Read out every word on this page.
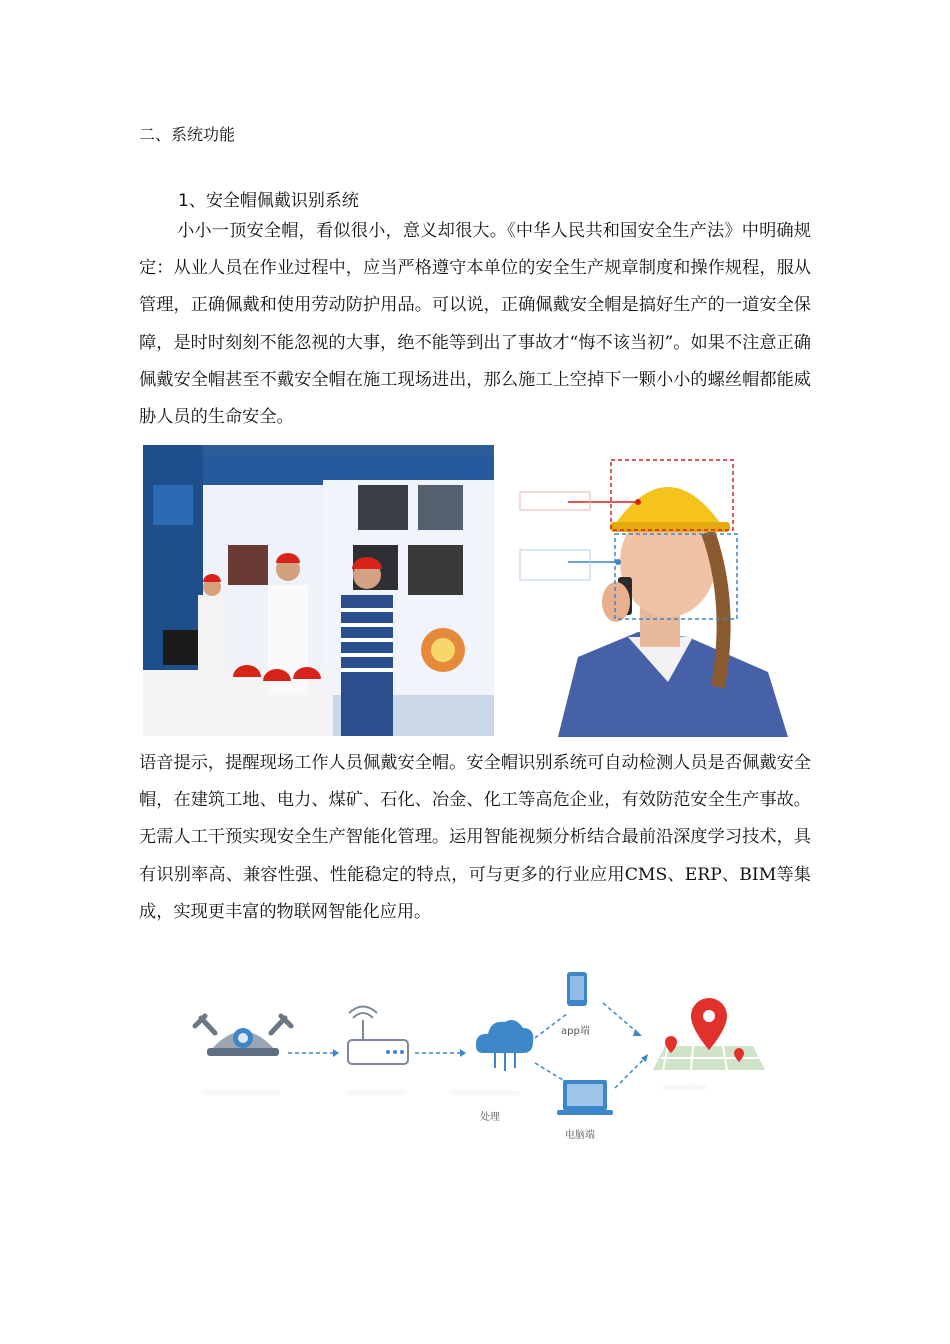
二、系统功能
1、安全帽佩戴识别系统
小小一顶安全帽，看似很小，意义却很大。《中华人民共和国安全生产法》中明确规定：从业人员在作业过程中，应当严格遵守本单位的安全生产规章制度和操作规程，服从管理，正确佩戴和使用劳动防护用品。可以说，正确佩戴安全帽是搞好生产的一道安全保障，是时时刻刻不能忽视的大事，绝不能等到出了事故才“悔不该当初”。如果不注意正确佩戴安全帽甚至不戴安全帽在施工现场进出，那么施工上空掉下一颗小小的螺丝帽都能威胁人员的生命安全。
语音提示，提醒现场工作人员佩戴安全帽。安全帽识别系统可自动检测人员是否佩戴安全帽，在建筑工地、电力、煤矿、石化、冶金、化工等高危企业，有效防范安全生产事故。无需人工干预实现安全生产智能化管理。运用智能视频分析结合最前沿深度学习技术，具有识别率高、兼容性强、性能稳定的特点，可与更多的行业应用CMS、ERP、BIM等集成，实现更丰富的物联网智能化应用。
▭▭▭▭▭▭▭▭▭	▭▭▭▭▭▭▭	▭▭▭▭▭▭▭▭	▭▭▭▭▭
处理
app端
电脑端
